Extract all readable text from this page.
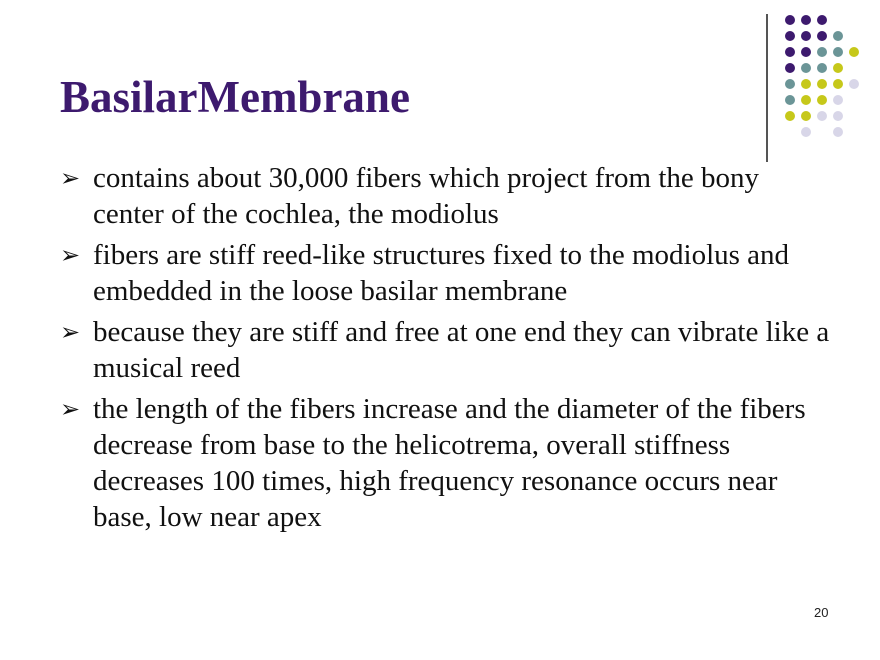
BasilarMembrane
➢ contains about 30,000 fibers which project from the bony center of the cochlea, the modiolus
➢ fibers are stiff reed-like structures fixed to the modiolus and embedded in the loose basilar membrane
➢ because they are stiff and free at one end they can vibrate like a musical reed
➢ the length of the fibers increase and the diameter of the fibers decrease from base to the helicotrema, overall stiffness decreases 100 times, high frequency resonance occurs near base, low near apex
20
